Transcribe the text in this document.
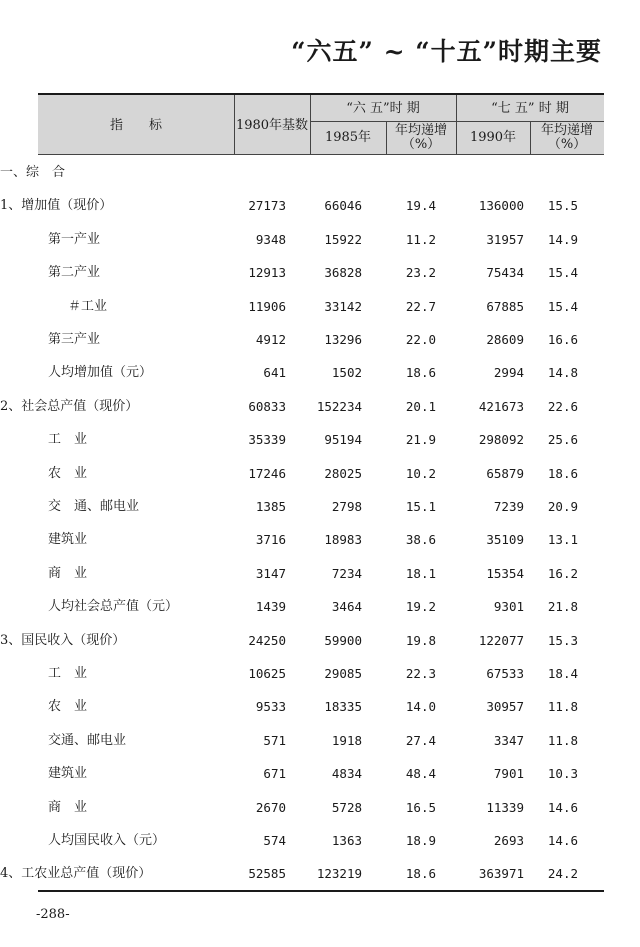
“六五” ~ “十五”时期主要
指　　标	1980年基数
“六 五”时 期	“七 五” 时 期
1985年	年均递增（%）	1990年	年均递增（%）
一、综　合
1、增加值（现价）	27173	66046	19.4	136000	15.5
第一产业	9348	15922	11.2	31957	14.9
第二产业	12913	36828	23.2	75434	15.4
＃工业	11906	33142	22.7	67885	15.4
第三产业	4912	13296	22.0	28609	16.6
人均增加值（元）	641	1502	18.6	2994	14.8
2、社会总产值（现价）	60833	152234	20.1	421673	22.6
工　业	35339	95194	21.9	298092	25.6
农　业	17246	28025	10.2	65879	18.6
交　通、邮电业	1385	2798	15.1	7239	20.9
建筑业	3716	18983	38.6	35109	13.1
商　业	3147	7234	18.1	15354	16.2
人均社会总产值（元）	1439	3464	19.2	9301	21.8
3、国民收入（现价）	24250	59900	19.8	122077	15.3
工　业	10625	29085	22.3	67533	18.4
农　业	9533	18335	14.0	30957	11.8
交通、邮电业	571	1918	27.4	3347	11.8
建筑业	671	4834	48.4	7901	10.3
商　业	2670	5728	16.5	11339	14.6
人均国民收入（元）	574	1363	18.9	2693	14.6
4、工农业总产值（现价）	52585	123219	18.6	363971	24.2
-288-
